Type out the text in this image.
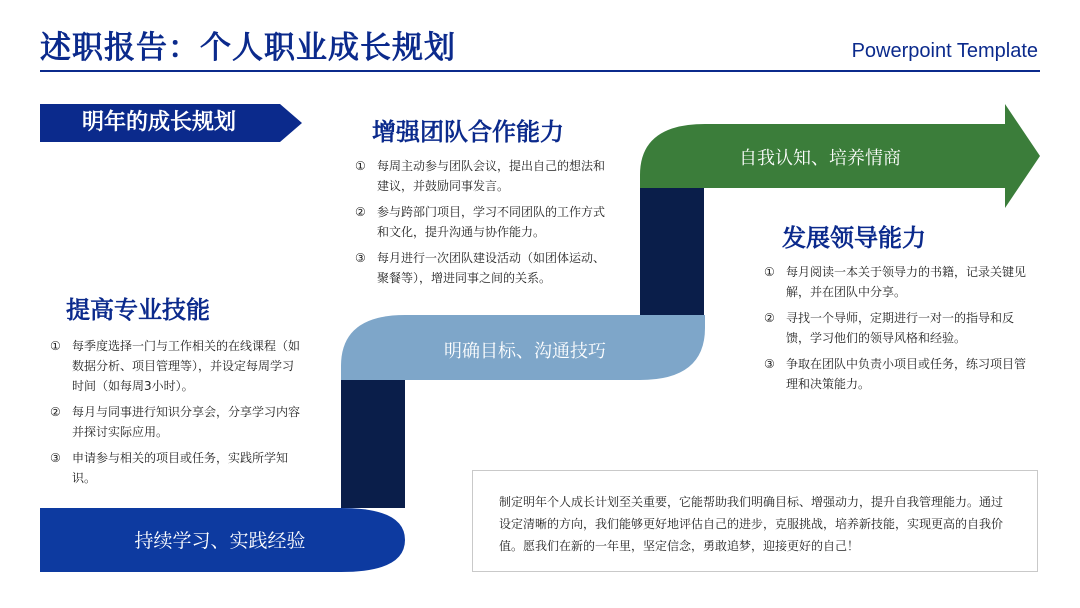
述职报告：个人职业成长规划	Powerpoint Template
明年的成长规划
持续学习、实践经验
明确目标、沟通技巧
自我认知、培养情商
提高专业技能
① 每季度选择一门与工作相关的在线课程（如数据分析、项目管理等），并设定每周学习时间（如每周3小时）。
② 每月与同事进行知识分享会，分享学习内容并探讨实际应用。
③ 申请参与相关的项目或任务，实践所学知识。
增强团队合作能力
① 每周主动参与团队会议，提出自己的想法和建议，并鼓励同事发言。
② 参与跨部门项目，学习不同团队的工作方式和文化，提升沟通与协作能力。
③ 每月进行一次团队建设活动（如团体运动、聚餐等），增进同事之间的关系。
发展领导能力
① 每月阅读一本关于领导力的书籍，记录关键见解，并在团队中分享。
② 寻找一个导师，定期进行一对一的指导和反馈，学习他们的领导风格和经验。
③ 争取在团队中负责小项目或任务，练习项目管理和决策能力。
制定明年个人成长计划至关重要，它能帮助我们明确目标、增强动力，提升自我管理能力。通过设定清晰的方向，我们能够更好地评估自己的进步，克服挑战，培养新技能，实现更高的自我价值。愿我们在新的一年里，坚定信念，勇敢追梦，迎接更好的自己！
